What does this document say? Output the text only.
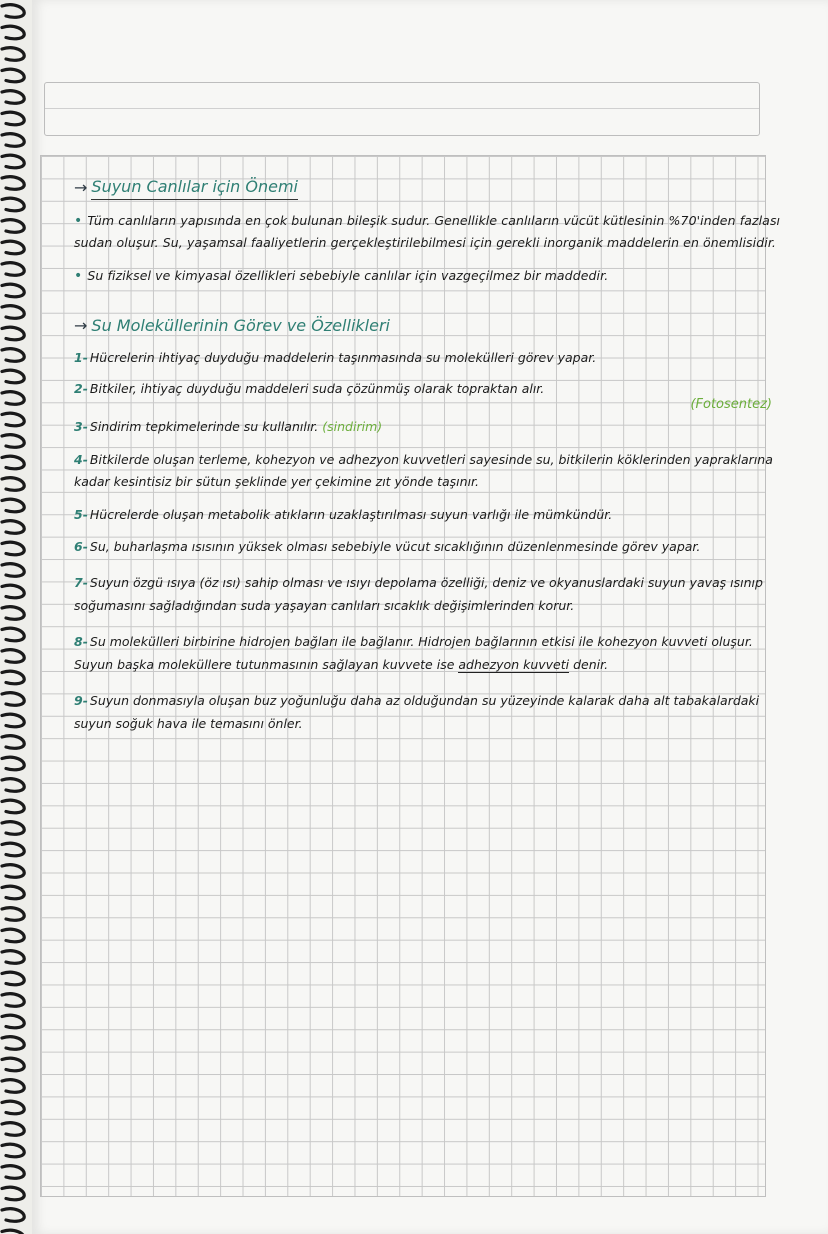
→ Suyun Canlılar için Önemi

• Tüm canlıların yapısında en çok bulunan bileşik sudur. Genellikle canlıların vücüt kütlesinin %70'inden fazlası sudan oluşur. Su, yaşamsal faaliyetlerin gerçekleştirilebilmesi için gerekli inorganik maddelerin en önemlisidir.

• Su fiziksel ve kimyasal özellikleri sebebiyle canlılar için vazgeçilmez bir maddedir.

→ Su Moleküllerinin Görev ve Özellikleri

1- Hücrelerin ihtiyaç duyduğu maddelerin taşınmasında su molekülleri görev yapar.

2- Bitkiler, ihtiyaç duyduğu maddeleri suda çözünmüş olarak topraktan alır.
(Fotosentez)

3- Sindirim tepkimelerinde su kullanılır. (sindirim)

4- Bitkilerde oluşan terleme, kohezyon ve adhezyon kuvvetleri sayesinde su, bitkilerin köklerinden yapraklarına kadar kesintisiz bir sütun şeklinde yer çekimine zıt yönde taşınır.

5- Hücrelerde oluşan metabolik atıkların uzaklaştırılması suyun varlığı ile mümkündür.

6- Su, buharlaşma ısısının yüksek olması sebebiyle vücut sıcaklığının düzenlenmesinde görev yapar.

7- Suyun özgü ısıya (öz ısı) sahip olması ve ısıyı depolama özelliği, deniz ve okyanuslardaki suyun yavaş ısınıp soğumasını sağladığından suda yaşayan canlıları sıcaklık değişimlerinden korur.

8- Su molekülleri birbirine hidrojen bağları ile bağlanır. Hidrojen bağlarının etkisi ile kohezyon kuvveti oluşur. Suyun başka moleküllere tutunmasının sağlayan kuvvete ise adhezyon kuvveti denir.

9- Suyun donmasıyla oluşan buz yoğunluğu daha az olduğundan su yüzeyinde kalarak daha alt tabakalardaki suyun soğuk hava ile temasını önler.
